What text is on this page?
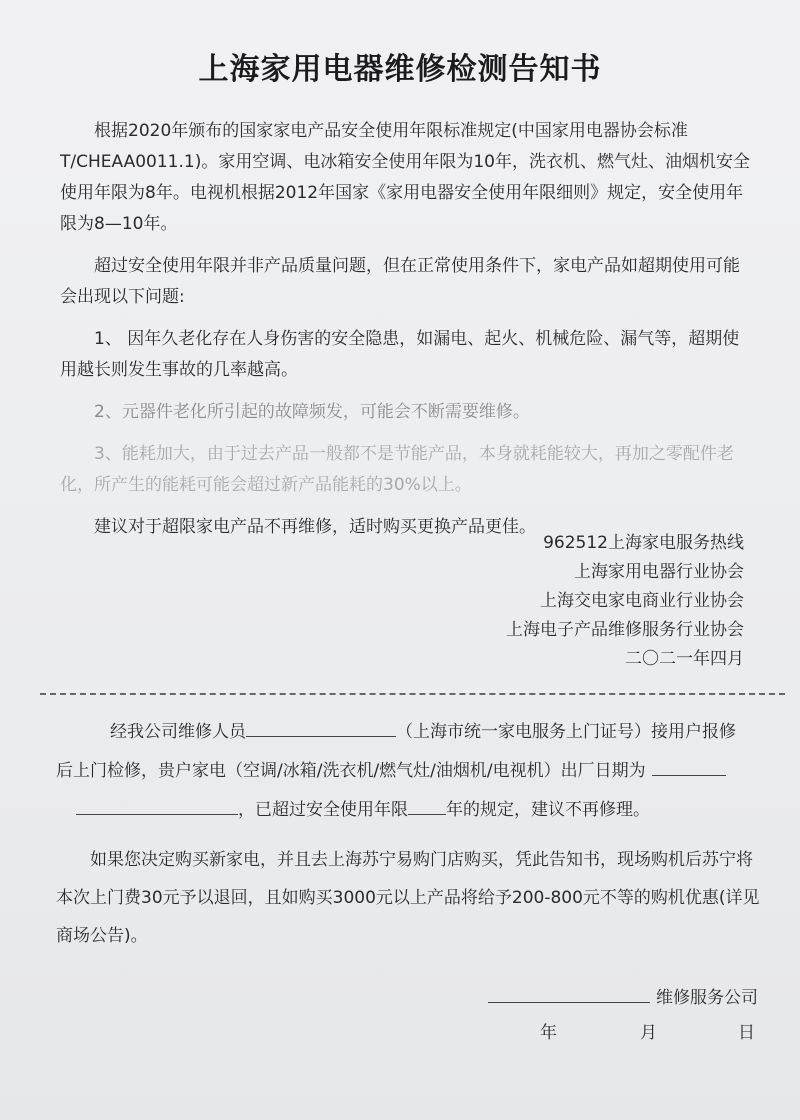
上海家用电器维修检测告知书

根据2020年颁布的国家家电产品安全使用年限标准规定(中国家用电器协会标准T/CHEAA0011.1)。家用空调、电冰箱安全使用年限为10年，洗衣机、燃气灶、油烟机安全使用年限为8年。电视机根据2012年国家《家用电器安全使用年限细则》规定，安全使用年限为8—10年。

超过安全使用年限并非产品质量问题，但在正常使用条件下，家电产品如超期使用可能会出现以下问题:

1、 因年久老化存在人身伤害的安全隐患，如漏电、起火、机械危险、漏气等，超期使用越长则发生事故的几率越高。

2、元器件老化所引起的故障频发，可能会不断需要维修。

3、能耗加大，由于过去产品一般都不是节能产品，本身就耗能较大，再加之零配件老化，所产生的能耗可能会超过新产品能耗的30%以上。

建议对于超限家电产品不再维修，适时购买更换产品更佳。

962512上海家电服务热线
上海家用电器行业协会
上海交电家电商业行业协会
上海电子产品维修服务行业协会
二〇二一年四月
经我公司维修人员	（上海市统一家电服务上门证号）接用户报修
后上门检修，贵户家电（空调/冰箱/洗衣机/燃气灶/油烟机/电视机）出厂日期为
，已超过安全使用年限 年的规定，建议不再修理。

如果您决定购买新家电，并且去上海苏宁易购门店购买，凭此告知书，现场购机后苏宁将本次上门费30元予以退回，且如购买3000元以上产品将给予200-800元不等的购机优惠(详见商场公告)。

维修服务公司
年	月	日
